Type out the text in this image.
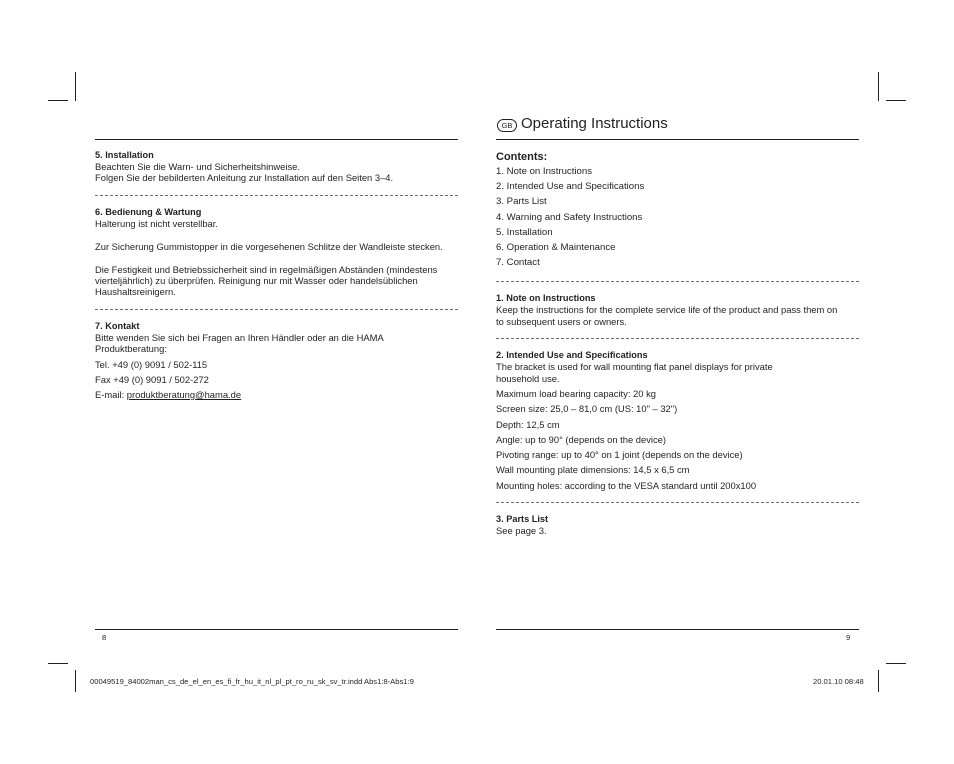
5. Installation
Beachten Sie die Warn- und Sicherheitshinweise.
Folgen Sie der bebilderten Anleitung zur Installation auf den Seiten 3–4.
6. Bedienung & Wartung
Halterung ist nicht verstellbar.
Zur Sicherung Gummistopper in die vorgesehenen Schlitze der Wandleiste stecken.
Die Festigkeit und Betriebssicherheit sind in regelmäßigen Abständen (mindestens
vierteljährlich) zu überprüfen. Reinigung nur mit Wasser oder handelsüblichen
Haushaltsreinigern.
7. Kontakt
Bitte wenden Sie sich bei Fragen an Ihren Händler oder an die HAMA
Produktberatung:
Tel. +49 (0) 9091 / 502-115
Fax +49 (0) 9091 / 502-272
E-mail: produktberatung@hama.de
8
GB Operating Instructions
Contents:
1. Note on Instructions
2. Intended Use and Specifications
3. Parts List
4. Warning and Safety Instructions
5. Installation
6. Operation & Maintenance
7. Contact
1. Note on Instructions
Keep the instructions for the complete service life of the product and pass them on
to subsequent users or owners.
2. Intended Use and Specifications
The bracket is used for wall mounting flat panel displays for private
household use.
Maximum load bearing capacity: 20 kg
Screen size: 25,0 – 81,0 cm (US: 10" – 32")
Depth: 12,5 cm
Angle: up to 90° (depends on the device)
Pivoting range: up to 40° on 1 joint (depends on the device)
Wall mounting plate dimensions: 14,5 x 6,5 cm
Mounting holes: according to the VESA standard until 200x100
3. Parts List
See page 3.
9
00049519_84002man_cs_de_el_en_es_fi_fr_hu_it_nl_pl_pt_ro_ru_sk_sv_tr.indd Abs1:8-Abs1:9	20.01.10 08:48
